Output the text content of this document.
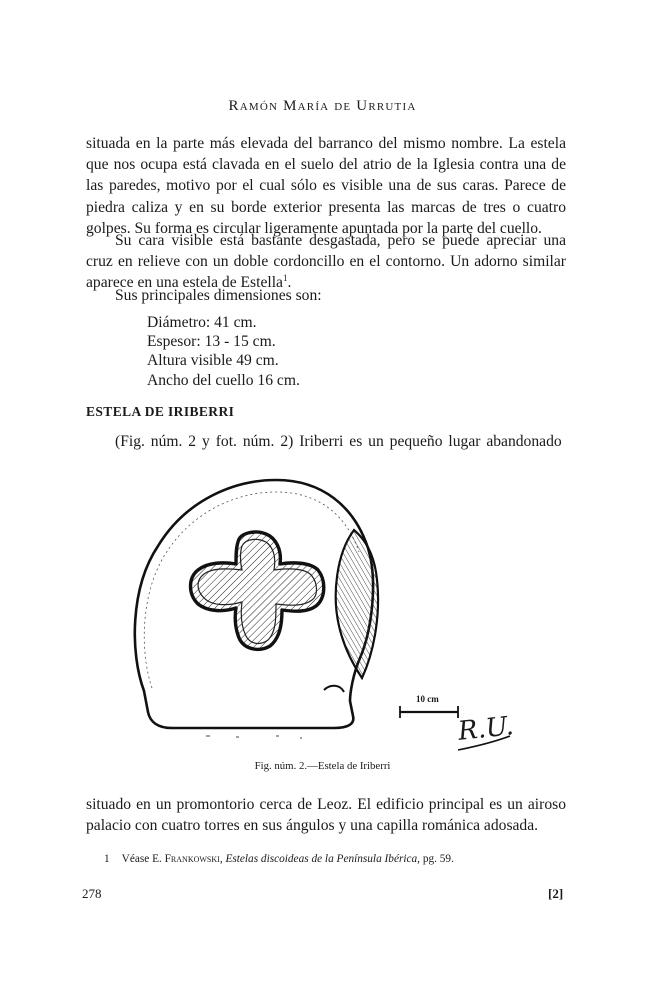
Ramón María de Urrutia

situada en la parte más elevada del barranco del mismo nombre. La estela que nos ocupa está clavada en el suelo del atrio de la Iglesia contra una de las paredes, motivo por el cual sólo es visible una de sus caras. Parece de piedra caliza y en su borde exterior presenta las marcas de tres o cuatro golpes. Su forma es circular ligeramente apuntada por la parte del cuello.

Su cara visible está bastante desgastada, pero se puede apreciar una cruz en relieve con un doble cordoncillo en el contorno. Un adorno similar aparece en una estela de Estella$^1$.

Sus principales dimensiones son:

Diámetro: 41 cm.
Espesor: 13 - 15 cm.
Altura visible 49 cm.
Ancho del cuello 16 cm.
ESTELA DE IRIBERRI

(Fig. núm. 2 y fot. núm. 2) Iriberri es un pequeño lugar abandonado

10 cm
R.U.
Fig. núm. 2.—Estela de Iriberri

situado en un promontorio cerca de Leoz. El edificio principal es un airoso palacio con cuatro torres en sus ángulos y una capilla románica adosada.

1 Véase E. Frankowski, Estelas discoideas de la Península Ibérica, pg. 59.
278	[2]
